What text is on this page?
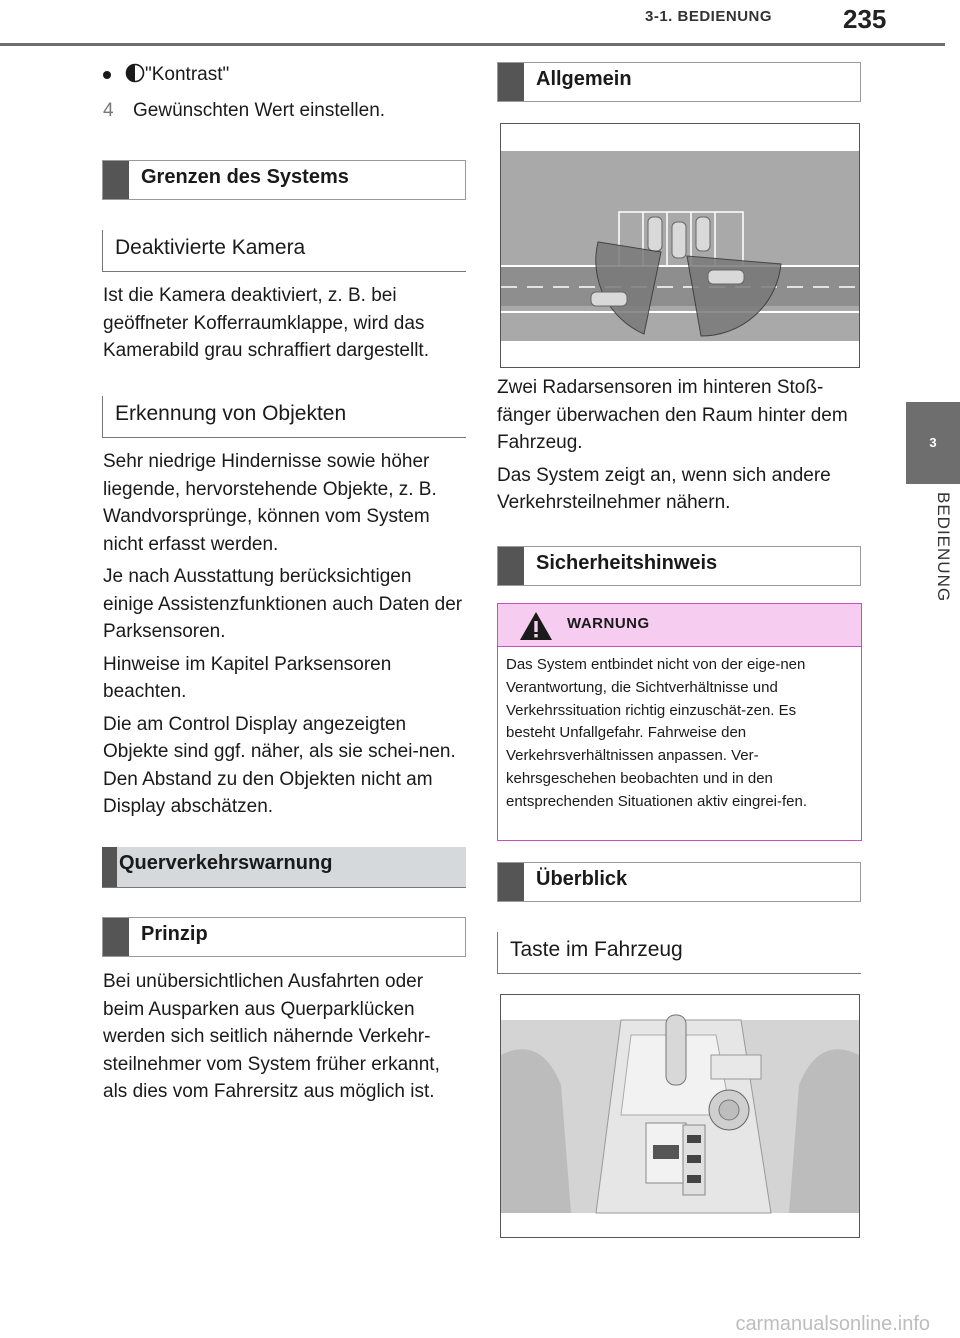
3-1. BEDIENUNG	235
3
BEDIENUNG
"Kontrast"
4 Gewünschten Wert einstellen.
Grenzen des Systems
Deaktivierte Kamera
Ist die Kamera deaktiviert, z. B. bei geöffneter Kofferraumklappe, wird das Kamerabild grau schraffiert dargestellt.
Erkennung von Objekten

Sehr niedrige Hindernisse sowie höher liegende, hervorstehende Objekte, z. B. Wandvorsprünge, können vom System nicht erfasst werden.

Je nach Ausstattung berücksichtigen einige Assistenzfunktionen auch Daten der Parksensoren.

Hinweise im Kapitel Parksensoren beachten.

Die am Control Display angezeigten Objekte sind ggf. näher, als sie schei-nen. Den Abstand zu den Objekten nicht am Display abschätzen.

Querverkehrswarnung
Prinzip
Bei unübersichtlichen Ausfahrten oder beim Ausparken aus Querparklücken werden sich seitlich nähernde Verkehr-steilnehmer vom System früher erkannt, als dies vom Fahrersitz aus möglich ist.
Allgemein

Zwei Radarsensoren im hinteren Stoß-fänger überwachen den Raum hinter dem Fahrzeug.

Das System zeigt an, wenn sich andere Verkehrsteilnehmer nähern.

Sicherheitshinweis
WARNUNG
Das System entbindet nicht von der eige-nen Verantwortung, die Sichtverhältnisse und Verkehrssituation richtig einzuschät-zen. Es besteht Unfallgefahr. Fahrweise den Verkehrsverhältnissen anpassen. Ver-kehrsgeschehen beobachten und in den entsprechenden Situationen aktiv eingrei-fen.
Überblick
Taste im Fahrzeug
carmanualsonline.info
